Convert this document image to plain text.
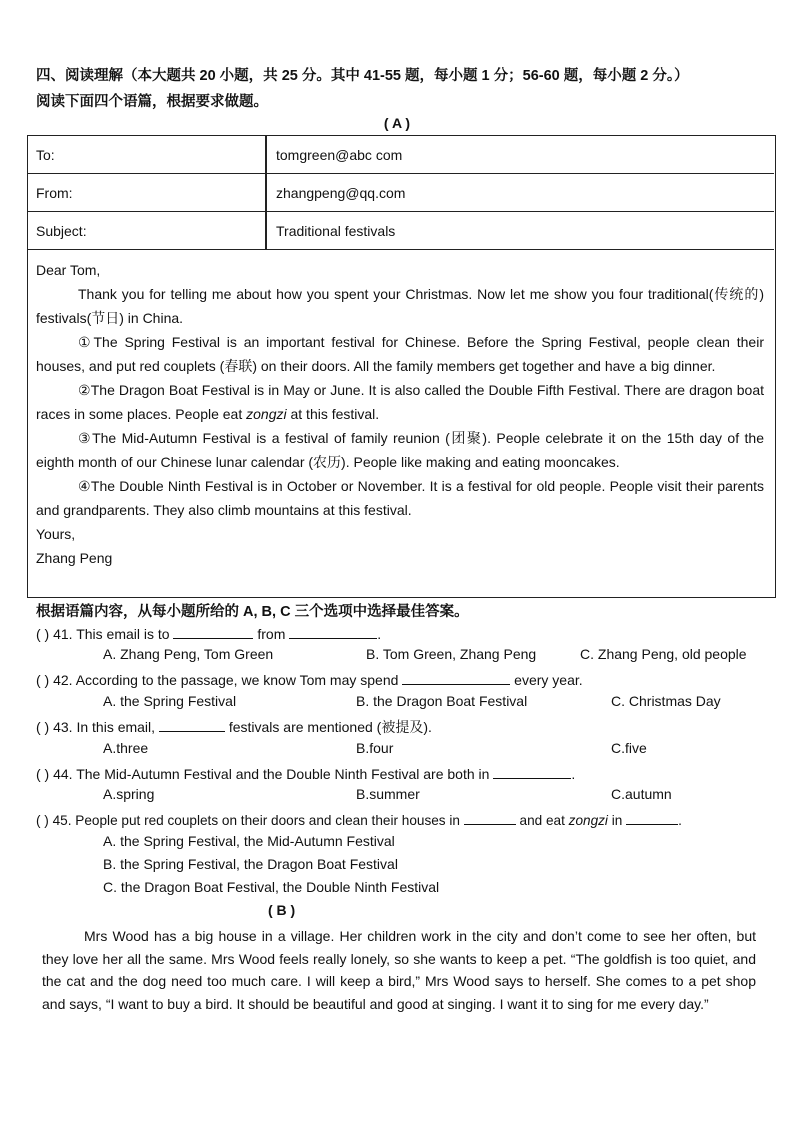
四、阅读理解（本大题共 20 小题，共 25 分。其中 41-55 题，每小题 1 分；56-60 题，每小题 2 分。）
阅读下面四个语篇，根据要求做题。
( A )
To:	tomgreen@abc com
From:	zhangpeng@qq.com
Subject:	Traditional festivals

Dear Tom,

Thank you for telling me about how you spent your Christmas. Now let me show you four traditional(传统的) festivals(节日) in China.

①The Spring Festival is an important festival for Chinese. Before the Spring Festival, people clean their houses, and put red couplets (春联) on their doors. All the family members get together and have a big dinner.

②The Dragon Boat Festival is in May or June. It is also called the Double Fifth Festival. There are dragon boat races in some places. People eat zongzi at this festival.

③The Mid-Autumn Festival is a festival of family reunion (团聚). People celebrate it on the 15th day of the eighth month of our Chinese lunar calendar (农历). People like making and eating mooncakes.

④The Double Ninth Festival is in October or November. It is a festival for old people. People visit their parents and grandparents. They also climb mountains at this festival.

Yours,

Zhang Peng

根据语篇内容，从每小题所给的 A, B, C 三个选项中选择最佳答案。
( ) 41. This email is to	from	.
A. Zhang Peng, Tom Green	B. Tom Green, Zhang Peng	C. Zhang Peng, old people
( ) 42. According to the passage, we know Tom may spend	every year.
A. the Spring Festival	B. the Dragon Boat Festival	C. Christmas Day
( ) 43. In this email,	festivals are mentioned (被提及).
A.three	B.four	C.five
( ) 44. The Mid-Autumn Festival and the Double Ninth Festival are both in	.
A.spring	B.summer	C.autumn
( ) 45. People put red couplets on their doors and clean their houses in	and eat zongzi in	.
A. the Spring Festival, the Mid-Autumn Festival
B. the Spring Festival, the Dragon Boat Festival
C. the Dragon Boat Festival, the Double Ninth Festival
( B )
Mrs Wood has a big house in a village. Her children work in the city and don’t come to see her often, but they love her all the same. Mrs Wood feels really lonely, so she wants to keep a pet. “The goldfish is too quiet, and the cat and the dog need too much care. I will keep a bird,” Mrs Wood says to herself. She comes to a pet shop and says, “I want to buy a bird. It should be beautiful and good at singing. I want it to sing for me every day.”
